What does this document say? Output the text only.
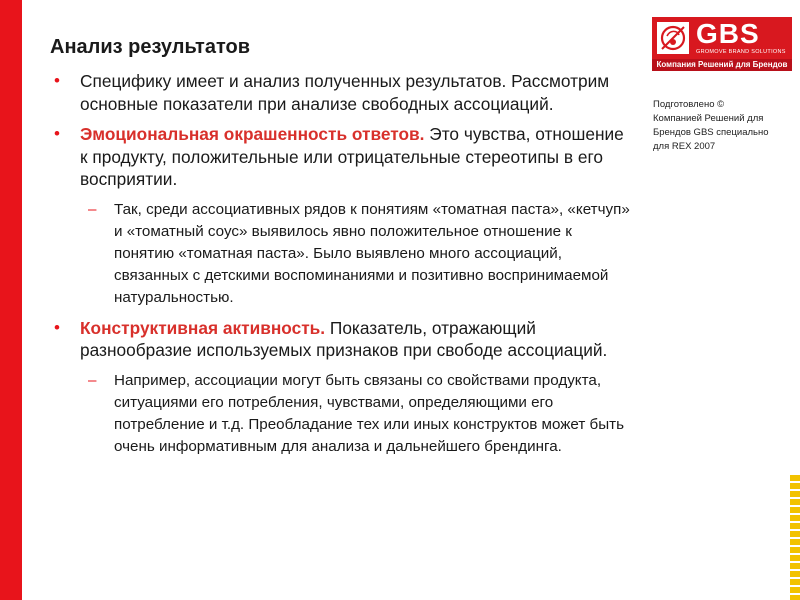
GBS
GROMOVE BRAND SOLUTIONS
Компания Решений для Брендов
Подготовлено © Компанией Решений для Брендов GBS специально для REX 2007
Анализ результатов
• Специфику имеет и анализ полученных результатов. Рассмотрим основные показатели при анализе свободных ассоциаций.
• Эмоциональная окрашенность ответов. Это чувства, отношение к продукту, положительные или отрицательные стереотипы в его восприятии.
– Так, среди ассоциативных рядов к понятиям «томатная паста», «кетчуп» и «томатный соус» выявилось явно положительное отношение к понятию «томатная паста». Было выявлено много ассоциаций, связанных с детскими воспоминаниями и позитивно воспринимаемой натуральностью.
• Конструктивная активность. Показатель, отражающий разнообразие используемых признаков при свободе ассоциаций.
– Например, ассоциации могут быть связаны со свойствами продукта, ситуациями его потребления, чувствами, определяющими его потребление и т.д. Преобладание тех или иных конструктов может быть очень информативным для анализа и дальнейшего брендинга.
